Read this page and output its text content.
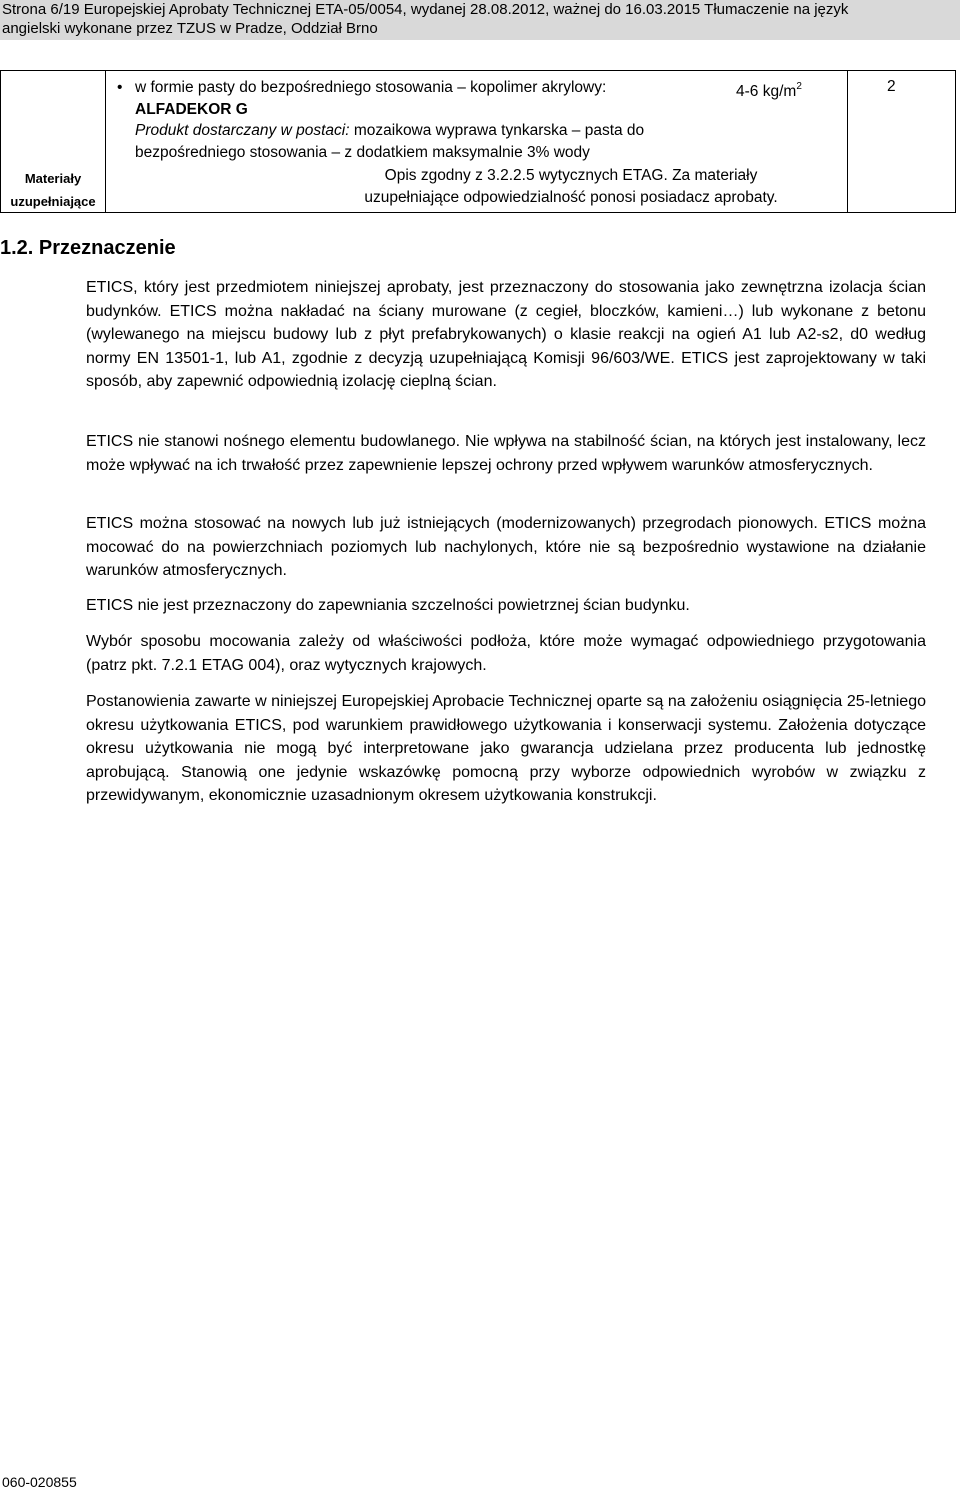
Strona 6/19 Europejskiej Aprobaty Technicznej ETA-05/0054, wydanej 28.08.2012, ważnej do 16.03.2015 Tłumaczenie na język
angielski wykonane przez TZUS w Pradze, Oddział Brno
Materiały
uzupełniające
• w formie pasty do bezpośredniego stosowania – kopolimer akrylowy:
ALFADEKOR G
Produkt dostarczany w postaci: mozaikowa wyprawa tynkarska – pasta do bezpośredniego stosowania – z dodatkiem maksymalnie 3% wody
Opis zgodny z 3.2.2.5 wytycznych ETAG. Za materiały
uzupełniające odpowiedzialność ponosi posiadacz aprobaty.
4-6 $kg/m^2$	2
1.2. Przeznaczenie
ETICS, który jest przedmiotem niniejszej aprobaty, jest przeznaczony do stosowania jako zewnętrzna izolacja ścian budynków. ETICS można nakładać na ściany murowane (z cegieł, bloczków, kamieni…) lub wykonane z betonu (wylewanego na miejscu budowy lub z płyt prefabrykowanych) o klasie reakcji na ogień A1 lub A2-s2, d0 według normy EN 13501-1, lub A1, zgodnie z decyzją uzupełniającą Komisji 96/603/WE. ETICS jest zaprojektowany w taki sposób, aby zapewnić odpowiednią izolację cieplną ścian.
ETICS nie stanowi nośnego elementu budowlanego. Nie wpływa na stabilność ścian, na których jest instalowany, lecz może wpływać na ich trwałość przez zapewnienie lepszej ochrony przed wpływem warunków atmosferycznych.
ETICS można stosować na nowych lub już istniejących (modernizowanych) przegrodach pionowych. ETICS można mocować do na powierzchniach poziomych lub nachylonych, które nie są bezpośrednio wystawione na działanie warunków atmosferycznych.
ETICS nie jest przeznaczony do zapewniania szczelności powietrznej ścian budynku.
Wybór sposobu mocowania zależy od właściwości podłoża, które może wymagać odpowiedniego przygotowania (patrz pkt. 7.2.1 ETAG 004), oraz wytycznych krajowych.
Postanowienia zawarte w niniejszej Europejskiej Aprobacie Technicznej oparte są na założeniu osiągnięcia 25-letniego okresu użytkowania ETICS, pod warunkiem prawidłowego użytkowania i konserwacji systemu. Założenia dotyczące okresu użytkowania nie mogą być interpretowane jako gwarancja udzielana przez producenta lub jednostkę aprobującą. Stanowią one jedynie wskazówkę pomocną przy wyborze odpowiednich wyrobów w związku z przewidywanym, ekonomicznie uzasadnionym okresem użytkowania konstrukcji.
060-020855
